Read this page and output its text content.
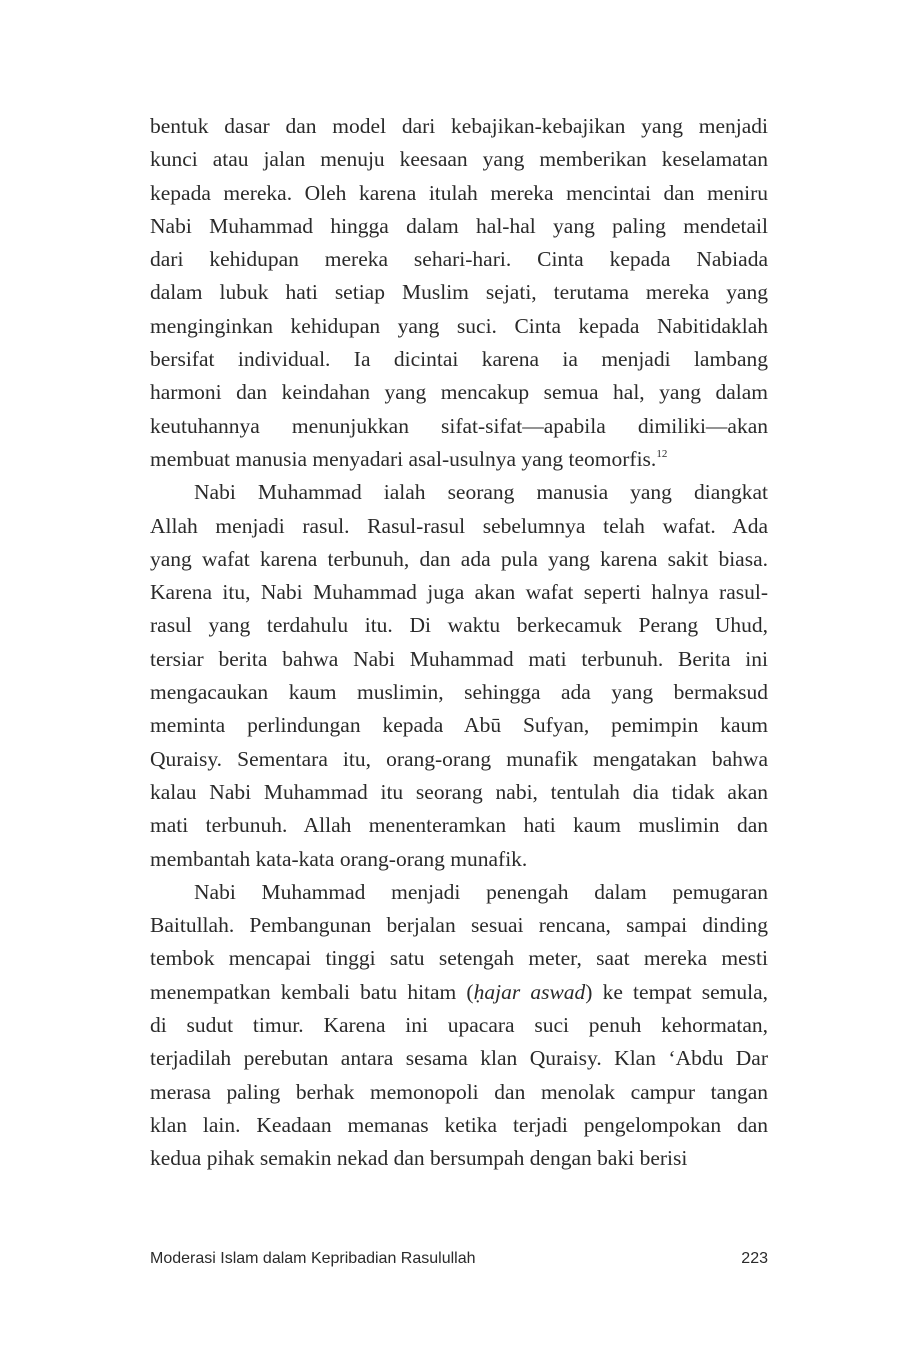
bentuk dasar dan model dari kebajikan-kebajikan yang menjadi
kunci atau jalan menuju keesaan yang memberikan keselamatan
kepada mereka. Oleh karena itulah mereka mencintai dan meniru
Nabi Muhammad hingga dalam hal-hal yang paling mendetail
dari kehidupan mereka sehari-hari. Cinta kepada Nabiada
dalam lubuk hati setiap Muslim sejati, terutama mereka yang
menginginkan kehidupan yang suci. Cinta kepada Nabitidaklah
bersifat individual. Ia dicintai karena ia menjadi lambang
harmoni dan keindahan yang mencakup semua hal, yang dalam
keutuhannya menunjukkan sifat-sifat—apabila dimiliki—akan
membuat manusia menyadari asal-usulnya yang teomorfis.$^{12}$
Nabi Muhammad ialah seorang manusia yang diangkat
Allah menjadi rasul. Rasul-rasul sebelumnya telah wafat. Ada
yang wafat karena terbunuh, dan ada pula yang karena sakit biasa.
Karena itu, Nabi Muhammad juga akan wafat seperti halnya rasul-
rasul yang terdahulu itu. Di waktu berkecamuk Perang Uhud,
tersiar berita bahwa Nabi Muhammad mati terbunuh. Berita ini
mengacaukan kaum muslimin, sehingga ada yang bermaksud
meminta perlindungan kepada Abū Sufyan, pemimpin kaum
Quraisy. Sementara itu, orang-orang munafik mengatakan bahwa
kalau Nabi Muhammad itu seorang nabi, tentulah dia tidak akan
mati terbunuh. Allah menenteramkan hati kaum muslimin dan
membantah kata-kata orang-orang munafik.
Nabi Muhammad menjadi penengah dalam pemugaran
Baitullah. Pembangunan berjalan sesuai rencana, sampai dinding
tembok mencapai tinggi satu setengah meter, saat mereka mesti
menempatkan kembali batu hitam (ḥajar aswad) ke tempat semula,
di sudut timur. Karena ini upacara suci penuh kehormatan,
terjadilah perebutan antara sesama klan Quraisy. Klan ‘Abdu Dar
merasa paling berhak memonopoli dan menolak campur tangan
klan lain. Keadaan memanas ketika terjadi pengelompokan dan
kedua pihak semakin nekad dan bersumpah dengan baki berisi
Moderasi Islam dalam Kepribadian Rasulullah	223
